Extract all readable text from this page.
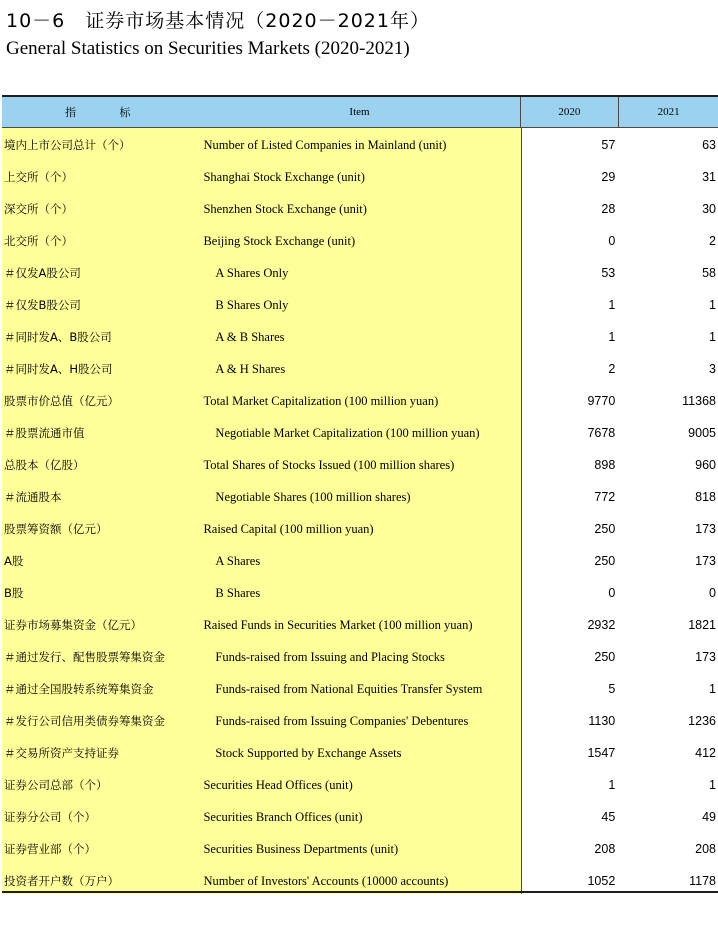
10－6　证券市场基本情况（2020－2021年）
General Statistics on Securities Markets (2020-2021)
指 标	Item	2020	2021
境内上市公司总计（个）	Number of Listed Companies in Mainland (unit)	57	63
上交所（个）	Shanghai Stock Exchange (unit)	29	31
深交所（个）	Shenzhen Stock Exchange (unit)	28	30
北交所（个）	Beijing Stock Exchange (unit)	0	2
＃仅发A股公司	A Shares Only	53	58
＃仅发B股公司	B Shares Only	1	1
＃同时发A、B股公司	A & B Shares	1	1
＃同时发A、H股公司	A & H Shares	2	3
股票市价总值（亿元）	Total Market Capitalization (100 million yuan)	9770	11368
＃股票流通市值	Negotiable Market Capitalization (100 million yuan)	7678	9005
总股本（亿股）	Total Shares of Stocks Issued (100 million shares)	898	960
＃流通股本	Negotiable Shares (100 million shares)	772	818
股票筹资额（亿元）	Raised Capital (100 million yuan)	250	173
A股	A Shares	250	173
B股	B Shares	0	0
证券市场募集资金（亿元）	Raised Funds in Securities Market (100 million yuan)	2932	1821
＃通过发行、配售股票筹集资金	Funds-raised from Issuing and Placing Stocks	250	173
＃通过全国股转系统筹集资金	Funds-raised from National Equities Transfer System	5	1
＃发行公司信用类债券筹集资金	Funds-raised from Issuing Companies' Debentures	1130	1236
＃交易所资产支持证券	Stock Supported by Exchange Assets	1547	412
证券公司总部（个）	Securities Head Offices (unit)	1	1
证券分公司（个）	Securities Branch Offices (unit)	45	49
证券营业部（个）	Securities Business Departments (unit)	208	208
投资者开户数（万户）	Number of Investors' Accounts (10000 accounts)	1052	1178
